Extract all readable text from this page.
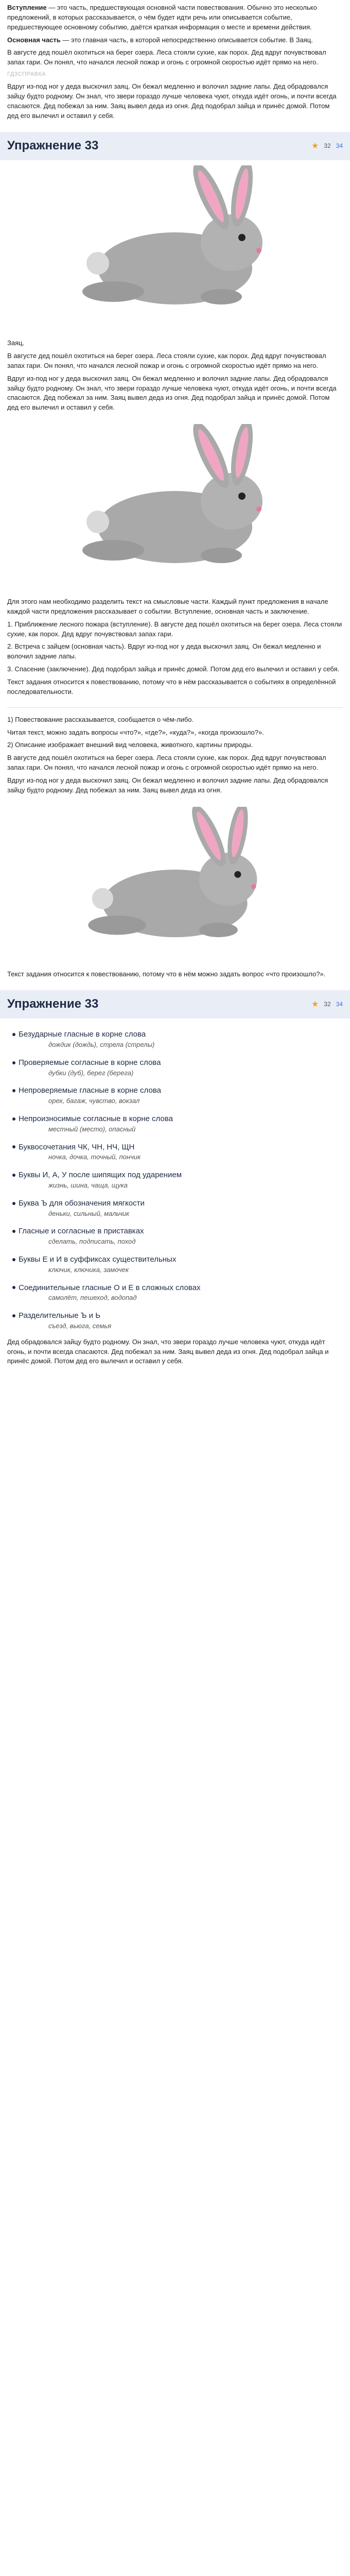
Вступление — это часть, предшествующая основной части повествования. Обычно это несколько предложений, в которых рассказывается, о чём будет идти речь или описывается событие, предшествующее основному событию, даётся краткая информация о месте и времени действия.

Основная часть — это главная часть, в которой непосредственно описывается событие. В Заяц.

В августе дед пошёл охотиться на берег озера. Леса стояли сухие, как порох. Дед вдруг почувствовал запах гари. Он понял, что начался лесной пожар и огонь с огромной скоростью идёт прямо на него.

ГДЗСПРАВКА

Вдруг из-под ног у деда выскочил заяц. Он бежал медленно и волочил задние лапы. Дед обрадовался зайцу будто родному. Он знал, что звери гораздо лучше человека чуют, откуда идёт огонь, и почти всегда спасаются. Дед побежал за ним. Заяц вывел деда из огня. Дед подобрал зайца и принёс домой. Потом дед его вылечил и оставил у себя.

Упражнение 33	★ 32 34

Заяц.

В августе дед пошёл охотиться на берег озера. Леса стояли сухие, как порох. Дед вдруг почувствовал запах гари. Он понял, что начался лесной пожар и огонь с огромной скоростью идёт прямо на него.

Вдруг из-под ног у деда выскочил заяц. Он бежал медленно и волочил задние лапы. Дед обрадовался зайцу будто родному. Он знал, что звери гораздо лучше человека чуют, откуда идёт огонь, и почти всегда спасаются. Дед побежал за ним. Заяц вывел деда из огня. Дед подобрал зайца и принёс домой. Потом дед его вылечил и оставил у себя.

Для этого нам необходимо разделить текст на смысловые части. Каждый пункт предложения в начале каждой части предложения рассказывает о событии. Вступление, основная часть и заключение.

1. Приближение лесного пожара (вступление). В августе дед пошёл охотиться на берег озера. Леса стояли сухие, как порох. Дед вдруг почувствовал запах гари.

2. Встреча с зайцем (основная часть). Вдруг из-под ног у деда выскочил заяц. Он бежал медленно и волочил задние лапы.

3. Спасение (заключение). Дед подобрал зайца и принёс домой. Потом дед его вылечил и оставил у себя.

Текст задания относится к повествованию, потому что в нём рассказывается о событиях в определённой последовательности.

1) Повествование рассказывается, сообщается о чём-либо.

Читая текст, можно задать вопросы «что?», «где?», «куда?», «когда произошло?».

2) Описание изображает внешний вид человека, животного, картины природы.

В августе дед пошёл охотиться на берег озера. Леса стояли сухие, как порох. Дед вдруг почувствовал запах гари. Он понял, что начался лесной пожар и огонь с огромной скоростью идёт прямо на него.

Вдруг из-под ног у деда выскочил заяц. Он бежал медленно и волочил задние лапы. Дед обрадовался зайцу будто родному. Дед побежал за ним. Заяц вывел деда из огня.

Текст задания относится к повествованию, потому что в нём можно задать вопрос «что произошло?».

Упражнение 33	★ 32 34
Безударные гласные в корне слова
дождик (дождь), стрела (стрелы)
Проверяемые согласные в корне слова
дубки (дуб), берег (берега)
Непроверяемые гласные в корне слова
орех, багаж, чувство, вокзал
Непроизносимые согласные в корне слова
местный (место), опасный
Буквосочетания ЧК, ЧН, НЧ, ЩН
ночка, дочка, точный, пончик
Буквы И, А, У после шипящих под ударением
жизнь, шина, чаща, щука
Буква Ъ для обозначения мягкости
деньки, сильный, мальчик
Гласные и согласные в приставках
сделать, подписать, поход
Буквы Е и И в суффиксах существительных
ключик, ключика, замочек
Соединительные гласные О и Е в сложных словах
самолёт, пешеход, водопад
Разделительные Ъ и Ь
съезд, вьюга, семья

Дед обрадовался зайцу будто родному. Он знал, что звери гораздо лучше человека чуют, откуда идёт огонь, и почти всегда спасаются. Дед побежал за ним. Заяц вывел деда из огня. Дед подобрал зайца и принёс домой. Потом дед его вылечил и оставил у себя.
